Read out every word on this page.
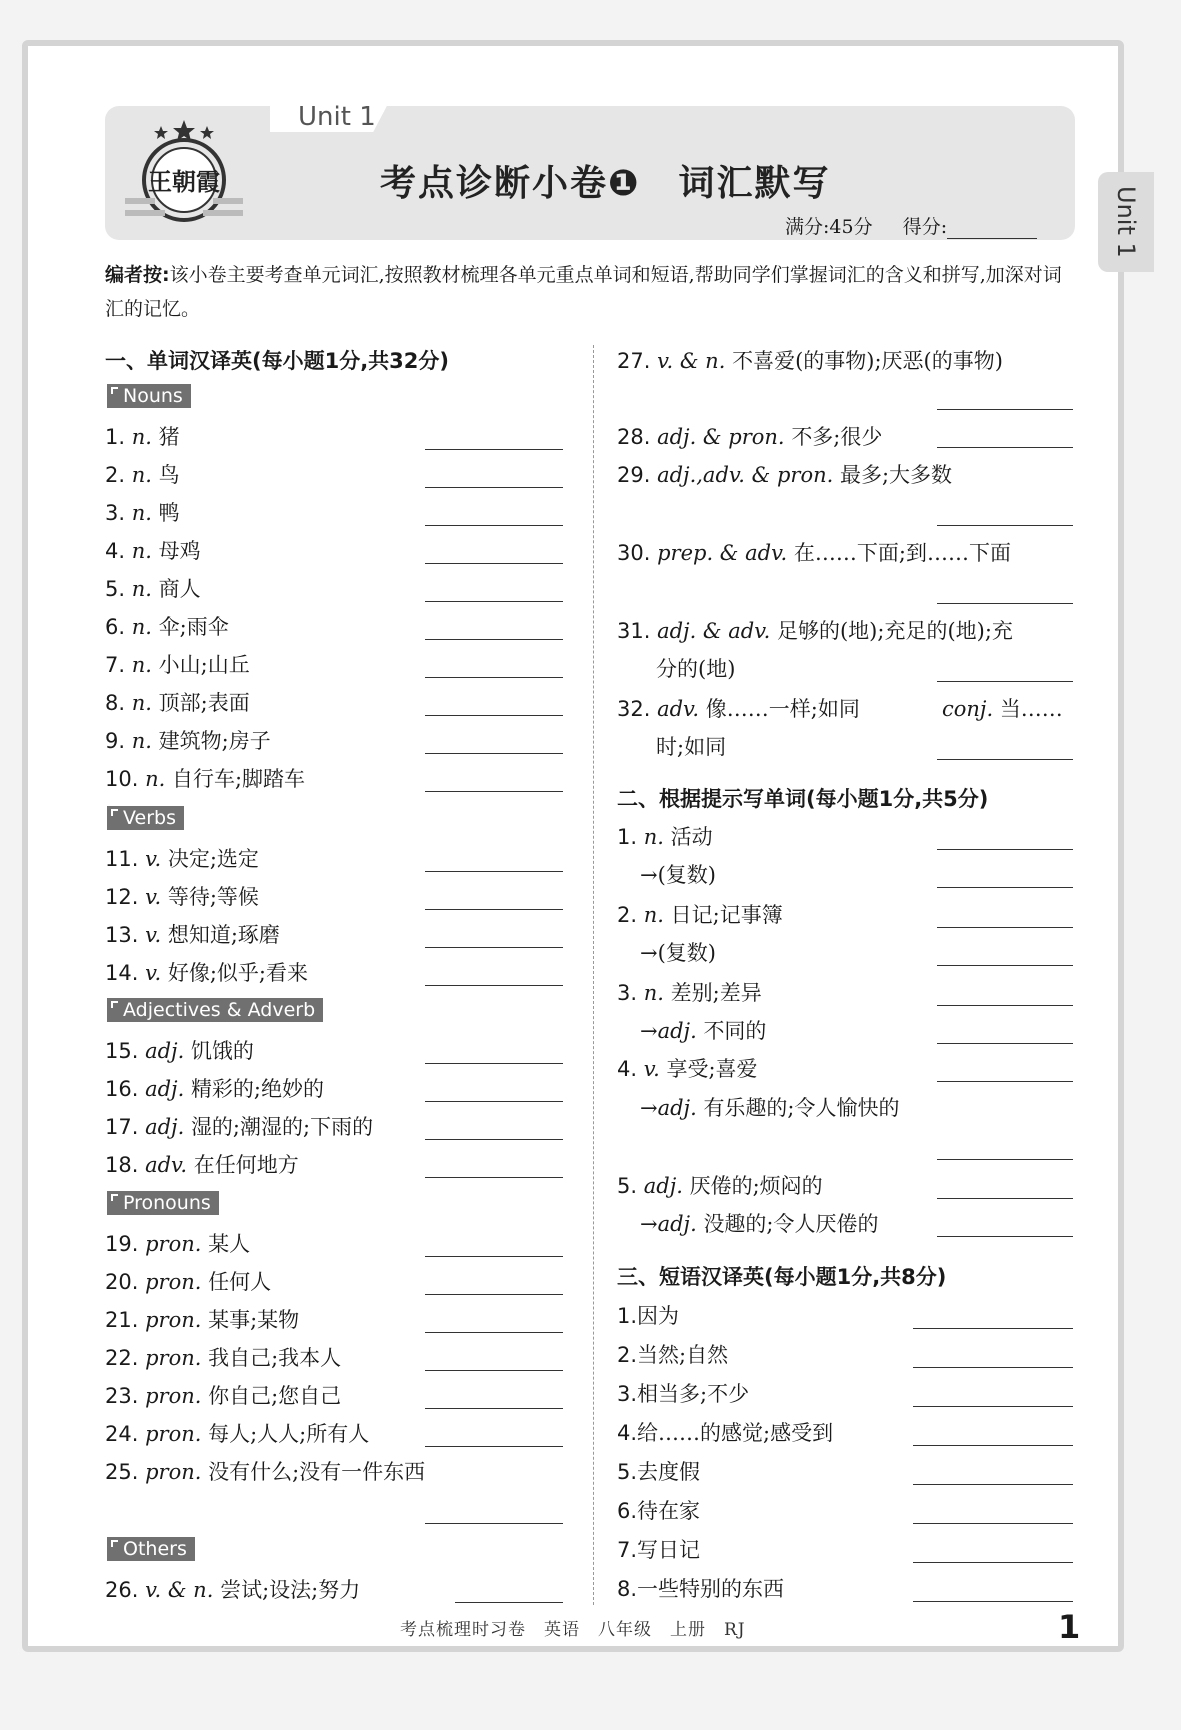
王朝霞
Unit 1
考点诊断小卷❶　词汇默写
满分:45分 得分:	Unit 1
编者按:该小卷主要考查单元词汇,按照教材梳理各单元重点单词和短语,帮助同学们掌握词汇的含义和拼写,加深对词汇的记忆。
一、单词汉译英(每小题1分,共32分)
Nouns
1. n. 猪
2. n. 鸟
3. n. 鸭
4. n. 母鸡
5. n. 商人
6. n. 伞;雨伞
7. n. 小山;山丘
8. n. 顶部;表面
9. n. 建筑物;房子
10. n. 自行车;脚踏车
Verbs
11. v. 决定;选定
12. v. 等待;等候
13. v. 想知道;琢磨
14. v. 好像;似乎;看来
Adjectives & Adverb
15. adj. 饥饿的
16. adj. 精彩的;绝妙的
17. adj. 湿的;潮湿的;下雨的
18. adv. 在任何地方
Pronouns
19. pron. 某人
20. pron. 任何人
21. pron. 某事;某物
22. pron. 我自己;我本人
23. pron. 你自己;您自己
24. pron. 每人;人人;所有人
25. pron. 没有什么;没有一件东西
Others
26. v. & n. 尝试;设法;努力
27. v. & n. 不喜爱(的事物);厌恶(的事物)
28. adj. & pron. 不多;很少
29. adj.,adv. & pron. 最多;大多数
30. prep. & adv. 在……下面;到……下面
31. adj. & adv. 足够的(地);充足的(地);充
分的(地)
32. adv. 像……一样;如同	conj. 当……
时;如同
二、根据提示写单词(每小题1分,共5分)
1. n. 活动
→(复数)
2. n. 日记;记事簿
→(复数)
3. n. 差别;差异
→adj. 不同的
4. v. 享受;喜爱
→adj. 有乐趣的;令人愉快的
5. adj. 厌倦的;烦闷的
→adj. 没趣的;令人厌倦的
三、短语汉译英(每小题1分,共8分)
1.因为
2.当然;自然
3.相当多;不少
4.给……的感觉;感受到
5.去度假
6.待在家
7.写日记
8.一些特别的东西
考点梳理时习卷　英语　八年级　上册　RJ	1
